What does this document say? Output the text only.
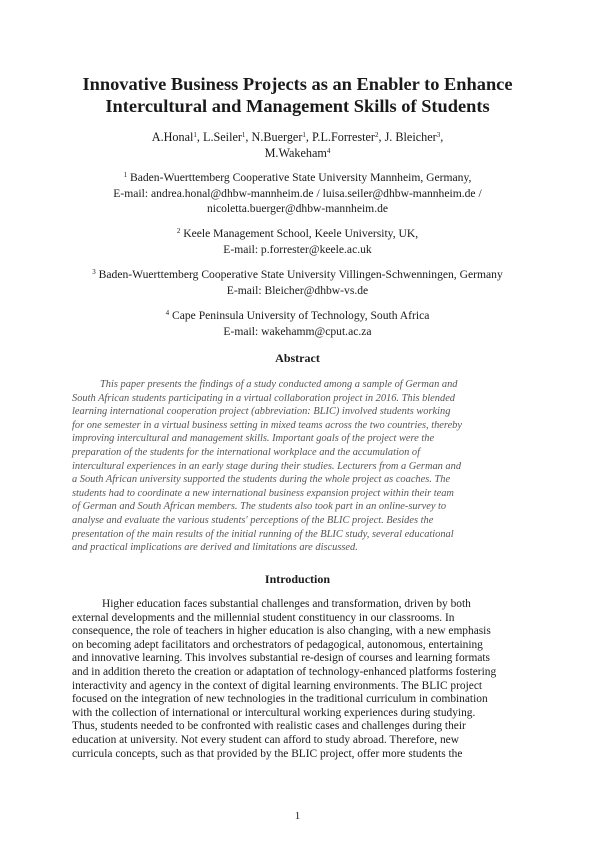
Innovative Business Projects as an Enabler to Enhance
Intercultural and Management Skills of Students
A.Honal$^1$, L.Seiler$^1$, N.Buerger$^1$, P.L.Forrester$^2$, J. Bleicher$^3$,
M.Wakeham$^4$
$^1$ Baden-Wuerttemberg Cooperative State University Mannheim, Germany,
E-mail: andrea.honal@dhbw-mannheim.de / luisa.seiler@dhbw-mannheim.de /
nicoletta.buerger@dhbw-mannheim.de
$^2$ Keele Management School, Keele University, UK,
E-mail: p.forrester@keele.ac.uk
$^3$ Baden-Wuerttemberg Cooperative State University Villingen-Schwenningen, Germany
E-mail: Bleicher@dhbw-vs.de
$^4$ Cape Peninsula University of Technology, South Africa
E-mail: wakehamm@cput.ac.za
Abstract
This paper presents the findings of a study conducted among a sample of German and
South African students participating in a virtual collaboration project in 2016. This blended
learning international cooperation project (abbreviation: BLIC) involved students working
for one semester in a virtual business setting in mixed teams across the two countries, thereby
improving intercultural and management skills. Important goals of the project were the
preparation of the students for the international workplace and the accumulation of
intercultural experiences in an early stage during their studies. Lecturers from a German and
a South African university supported the students during the whole project as coaches. The
students had to coordinate a new international business expansion project within their team
of German and South African members. The students also took part in an online-survey to
analyse and evaluate the various students' perceptions of the BLIC project. Besides the
presentation of the main results of the initial running of the BLIC study, several educational
and practical implications are derived and limitations are discussed.
Introduction
Higher education faces substantial challenges and transformation, driven by both
external developments and the millennial student constituency in our classrooms. In
consequence, the role of teachers in higher education is also changing, with a new emphasis
on becoming adept facilitators and orchestrators of pedagogical, autonomous, entertaining
and innovative learning. This involves substantial re-design of courses and learning formats
and in addition thereto the creation or adaptation of technology-enhanced platforms fostering
interactivity and agency in the context of digital learning environments. The BLIC project
focused on the integration of new technologies in the traditional curriculum in combination
with the collection of international or intercultural working experiences during studying.
Thus, students needed to be confronted with realistic cases and challenges during their
education at university. Not every student can afford to study abroad. Therefore, new
curricula concepts, such as that provided by the BLIC project, offer more students the
1
